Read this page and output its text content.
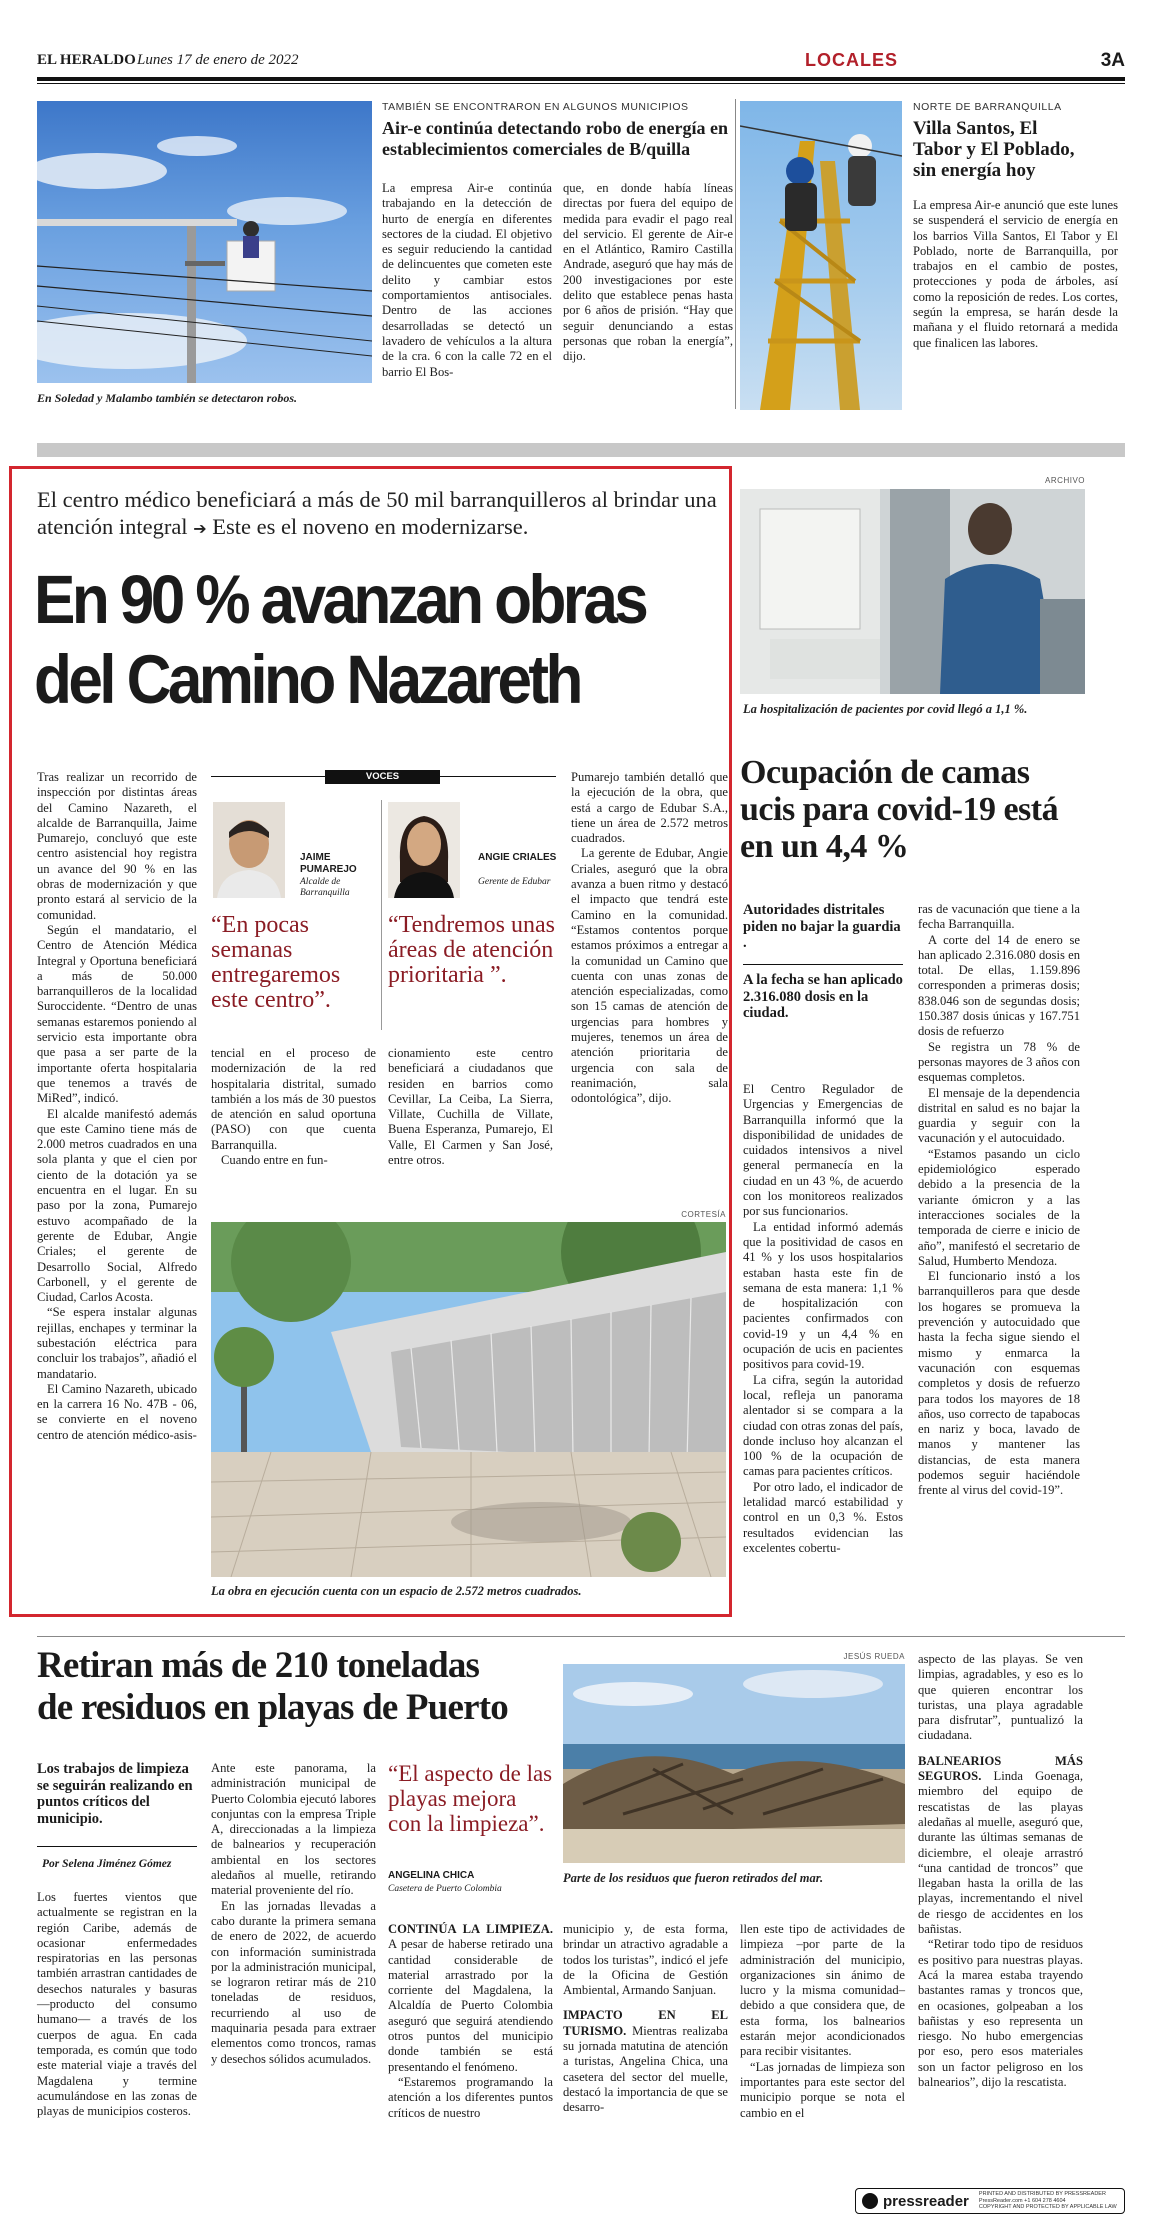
EL HERALDO Lunes 17 de enero de 2022	LOCALES	3A
En Soledad y Malambo también se detectaron robos.
TAMBIÉN SE ENCONTRARON EN ALGUNOS MUNICIPIOS
Air-e continúa detectando robo de energía en establecimientos comerciales de B/quilla

La empresa Air-e continúa trabajando en la detección de hurto de energía en diferentes sectores de la ciudad. El objetivo es seguir reduciendo la cantidad de delincuentes que cometen este delito y cambiar estos comportamientos antisociales. Dentro de las acciones desarrolladas se detectó un lavadero de vehículos a la altura de la cra. 6 con la calle 72 en el barrio El Bos-

que, en donde había líneas directas por fuera del equipo de medida para evadir el pago real del servicio. El gerente de Air-e en el Atlántico, Ramiro Castilla Andrade, aseguró que hay más de 200 investigaciones por este delito que establece penas hasta por 6 años de prisión. “Hay que seguir denunciando a estas personas que roban la energía”, dijo.

NORTE DE BARRANQUILLA
Villa Santos, El Tabor y El Poblado, sin energía hoy

La empresa Air-e anunció que este lunes se suspenderá el servicio de energía en los barrios Villa Santos, El Tabor y El Poblado, norte de Barranquilla, por trabajos en el cambio de postes, protecciones y poda de árboles, así como la reposición de redes. Los cortes, según la empresa, se harán desde la mañana y el fluido retornará a medida que finalicen las labores.

El centro médico beneficiará a más de 50 mil barranquilleros al brindar una atención integral ➔ Este es el noveno en modernizarse.
En 90 % avanzan obras
del Camino Nazareth

Tras realizar un recorrido de inspección por distintas áreas del Camino Nazareth, el alcalde de Barranquilla, Jaime Pumarejo, concluyó que este centro asistencial hoy registra un avance del 90 % en las obras de modernización y que pronto estará al servicio de la comunidad.

Según el mandatario, el Centro de Atención Médica Integral y Oportuna beneficiará a más de 50.000 barranquilleros de la localidad Suroccidente. “Dentro de unas semanas estaremos poniendo al servicio esta importante obra que pasa a ser parte de la importante oferta hospitalaria que tenemos a través de MiRed”, indicó.

El alcalde manifestó además que este Camino tiene más de 2.000 metros cuadrados en una sola planta y que el cien por ciento de la dotación ya se encuentra en el lugar. En su paso por la zona, Pumarejo estuvo acompañado de la gerente de Edubar, Angie Criales; el gerente de Desarrollo Social, Alfredo Carbonell, y el gerente de Ciudad, Carlos Acosta.

“Se espera instalar algunas rejillas, enchapes y terminar la subestación eléctrica para concluir los trabajos”, añadió el mandatario.

El Camino Nazareth, ubicado en la carrera 16 No. 47B - 06, se convierte en el noveno centro de atención médico-asis-

VOCES
JAIME PUMAREJO
Alcalde de Barranquilla
ANGIE CRIALES
Gerente de Edubar
“En pocas semanas entregaremos este centro”.
“Tendremos unas áreas de atención prioritaria ”.

tencial en el proceso de modernización de la red hospitalaria distrital, sumado también a los más de 30 puestos de atención en salud oportuna (PASO) con que cuenta Barranquilla.

Cuando entre en fun-

cionamiento este centro beneficiará a ciudadanos que residen en barrios como Cevillar, La Ceiba, La Sierra, Villate, Cuchilla de Villate, Buena Esperanza, Pumarejo, El Valle, El Carmen y San José, entre otros.

Pumarejo también detalló que la ejecución de la obra, que está a cargo de Edubar S.A., tiene un área de 2.572 metros cuadrados.

La gerente de Edubar, Angie Criales, aseguró que la obra avanza a buen ritmo y destacó el impacto que tendrá este Camino en la comunidad. “Estamos contentos porque estamos próximos a entregar a la comunidad un Camino que cuenta con unas zonas de atención especializadas, como son 15 camas de atención de urgencias para hombres y mujeres, tenemos un área de atención prioritaria de urgencia con sala de reanimación, sala odontológica”, dijo.

CORTESÍA
La obra en ejecución cuenta con un espacio de 2.572 metros cuadrados.
ARCHIVO
La hospitalización de pacientes por covid llegó a 1,1 %.
Ocupación de camas ucis para covid-19 está en un 4,4 %
Autoridades distritales piden no bajar la guardia .
A la fecha se han aplicado 2.316.080 dosis en la ciudad.

El Centro Regulador de Urgencias y Emergencias de Barranquilla informó que la disponibilidad de unidades de cuidados intensivos a nivel general permanecía en la ciudad en un 43 %, de acuerdo con los monitoreos realizados por sus funcionarios.

La entidad informó además que la positividad de casos en 41 % y los usos hospitalarios estaban hasta este fin de semana de esta manera: 1,1 % de hospitalización con pacientes confirmados con covid-19 y un 4,4 % en ocupación de ucis en pacientes positivos para covid-19.

La cifra, según la autoridad local, refleja un panorama alentador si se compara a la ciudad con otras zonas del país, donde incluso hoy alcanzan el 100 % de la ocupación de camas para pacientes críticos.

Por otro lado, el indicador de letalidad marcó estabilidad y control en un 0,3 %. Estos resultados evidencian las excelentes cobertu-

ras de vacunación que tiene a la fecha Barranquilla.

A corte del 14 de enero se han aplicado 2.316.080 dosis en total. De ellas, 1.159.896 corresponden a primeras dosis; 838.046 son de segundas dosis; 150.387 dosis únicas y 167.751 dosis de refuerzo

Se registra un 78 % de personas mayores de 3 años con esquemas completos.

El mensaje de la dependencia distrital en salud es no bajar la guardia y seguir con la vacunación y el autocuidado.

“Estamos pasando un ciclo epidemiológico esperado debido a la presencia de la variante ómicron y a las interacciones sociales de la temporada de cierre e inicio de año”, manifestó el secretario de Salud, Humberto Mendoza.

El funcionario instó a los barranquilleros para que desde los hogares se promueva la prevención y autocuidado que hasta la fecha sigue siendo el mismo y enmarca la vacunación con esquemas completos y dosis de refuerzo para todos los mayores de 18 años, uso correcto de tapabocas en nariz y boca, lavado de manos y mantener las distancias, de esta manera podemos seguir haciéndole frente al virus del covid-19”.

Retiran más de 210 toneladas
de residuos en playas de Puerto
Los trabajos de limpieza se seguirán realizando en puntos críticos del municipio.
Por Selena Jiménez Gómez

Los fuertes vientos que actualmente se registran en la región Caribe, además de ocasionar enfermedades respiratorias en las personas también arrastran cantidades de desechos naturales y basuras —producto del consumo humano— a través de los cuerpos de agua. En cada temporada, es común que todo este material viaje a través del Magdalena y termine acumulándose en las zonas de playas de municipios costeros.

Ante este panorama, la administración municipal de Puerto Colombia ejecutó labores conjuntas con la empresa Triple A, direccionadas a la limpieza de balnearios y recuperación ambiental en los sectores aledaños al muelle, retirando material proveniente del río.

En las jornadas llevadas a cabo durante la primera semana de enero de 2022, de acuerdo con información suministrada por la administración municipal, se lograron retirar más de 210 toneladas de residuos, recurriendo al uso de maquinaria pesada para extraer elementos como troncos, ramas y desechos sólidos acumulados.

“El aspecto de las playas mejora con la limpieza”.
ANGELINA CHICA
Casetera de Puerto Colombia
JESÚS RUEDA
Parte de los residuos que fueron retirados del mar.

CONTINÚA LA LIMPIEZA. A pesar de haberse retirado una cantidad considerable de material arrastrado por la corriente del Magdalena, la Alcaldía de Puerto Colombia aseguró que seguirá atendiendo otros puntos del municipio donde también se está presentando el fenómeno.

“Estaremos programando la atención a los diferentes puntos críticos de nuestro

municipio y, de esta forma, brindar un atractivo agradable a todos los turistas”, indicó el jefe de la Oficina de Gestión Ambiental, Armando Sanjuan.

IMPACTO EN EL TURISMO. Mientras realizaba su jornada matutina de atención a turistas, Angelina Chica, una casetera del sector del muelle, destacó la importancia de que se desarro-

llen este tipo de actividades de limpieza –por parte de la administración del municipio, organizaciones sin ánimo de lucro y la misma comunidad– debido a que considera que, de esta forma, los balnearios estarán mejor acondicionados para recibir visitantes.

“Las jornadas de limpieza son importantes para este sector del municipio porque se nota el cambio en el

aspecto de las playas. Se ven limpias, agradables, y eso es lo que quieren encontrar los turistas, una playa agradable para disfrutar”, puntualizó la ciudadana.

BALNEARIOS MÁS SEGUROS. Linda Goenaga, miembro del equipo de rescatistas de las playas aledañas al muelle, aseguró que, durante las últimas semanas de diciembre, el oleaje arrastró “una cantidad de troncos” que llegaban hasta la orilla de las playas, incrementando el nivel de riesgo de accidentes en los bañistas.

“Retirar todo tipo de residuos es positivo para nuestras playas. Acá la marea estaba trayendo bastantes ramas y troncos que, en ocasiones, golpeaban a los bañistas y eso representa un riesgo. No hubo emergencias por eso, pero esos materiales son un factor peligroso en los balnearios”, dijo la rescatista.

pressreader PRINTED AND DISTRIBUTED BY PRESSREADER
PressReader.com +1 604 278 4604
COPYRIGHT AND PROTECTED BY APPLICABLE LAW
